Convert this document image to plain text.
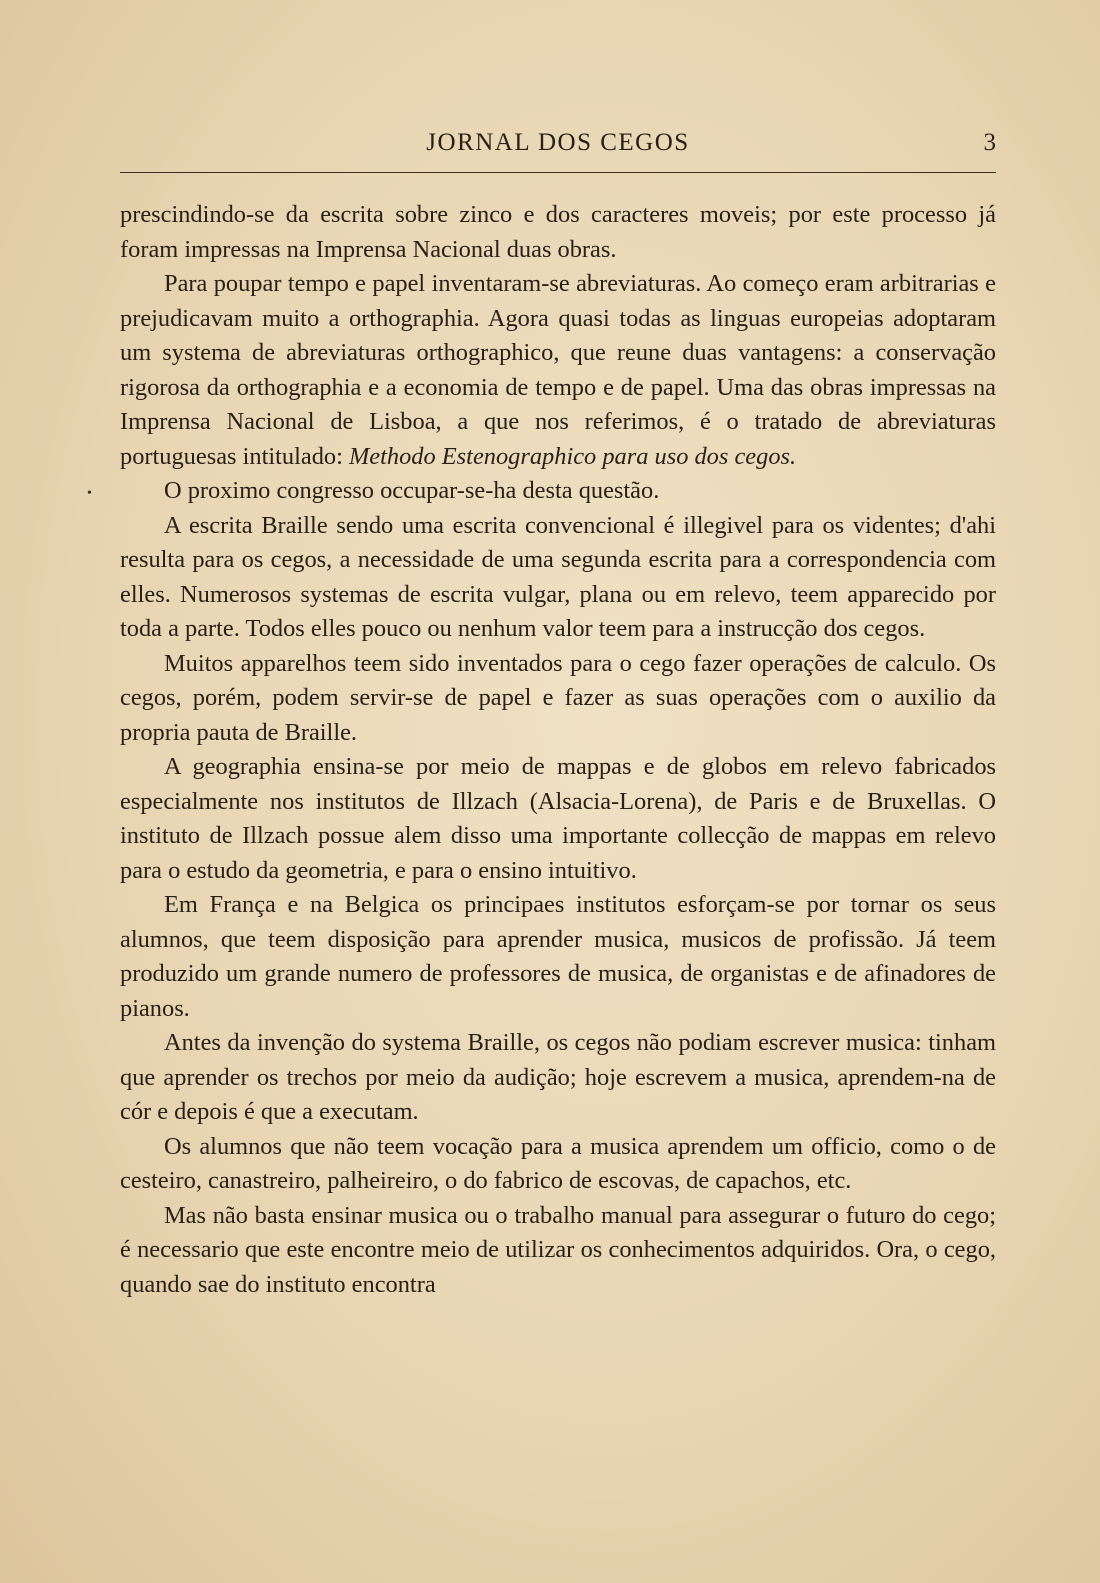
JORNAL DOS CEGOS	3
•

prescindindo-se da escrita sobre zinco e dos caracteres moveis; por este processo já foram impressas na Imprensa Nacional duas obras.

Para poupar tempo e papel inventaram-se abreviaturas. Ao começo eram arbitrarias e prejudicavam muito a orthographia. Agora quasi todas as linguas europeias adoptaram um systema de abreviaturas orthographico, que reune duas vantagens: a conservação rigorosa da orthographia e a economia de tempo e de papel. Uma das obras impressas na Imprensa Nacional de Lisboa, a que nos referimos, é o tratado de abreviaturas portuguesas intitulado: Methodo Estenographico para uso dos cegos.

O proximo congresso occupar-se-ha desta questão.

A escrita Braille sendo uma escrita convencional é illegivel para os videntes; d'ahi resulta para os cegos, a necessidade de uma segunda escrita para a correspondencia com elles. Numerosos systemas de escrita vulgar, plana ou em relevo, teem apparecido por toda a parte. Todos elles pouco ou nenhum valor teem para a instrucção dos cegos.

Muitos apparelhos teem sido inventados para o cego fazer operações de calculo. Os cegos, porém, podem servir-se de papel e fazer as suas operações com o auxilio da propria pauta de Braille.

A geographia ensina-se por meio de mappas e de globos em relevo fabricados especialmente nos institutos de Illzach (Alsacia-Lorena), de Paris e de Bruxellas. O instituto de Illzach possue alem disso uma importante collecção de mappas em relevo para o estudo da geometria, e para o ensino intuitivo.

Em França e na Belgica os principaes institutos esforçam-se por tornar os seus alumnos, que teem disposição para aprender musica, musicos de profissão. Já teem produzido um grande numero de professores de musica, de organistas e de afinadores de pianos.

Antes da invenção do systema Braille, os cegos não podiam escrever musica: tinham que aprender os trechos por meio da audição; hoje escrevem a musica, aprendem-na de cór e depois é que a executam.

Os alumnos que não teem vocação para a musica aprendem um officio, como o de cesteiro, canastreiro, palheireiro, o do fabrico de escovas, de capachos, etc.

Mas não basta ensinar musica ou o trabalho manual para assegurar o futuro do cego; é necessario que este encontre meio de utilizar os conhecimentos adquiridos. Ora, o cego, quando sae do instituto encontra
